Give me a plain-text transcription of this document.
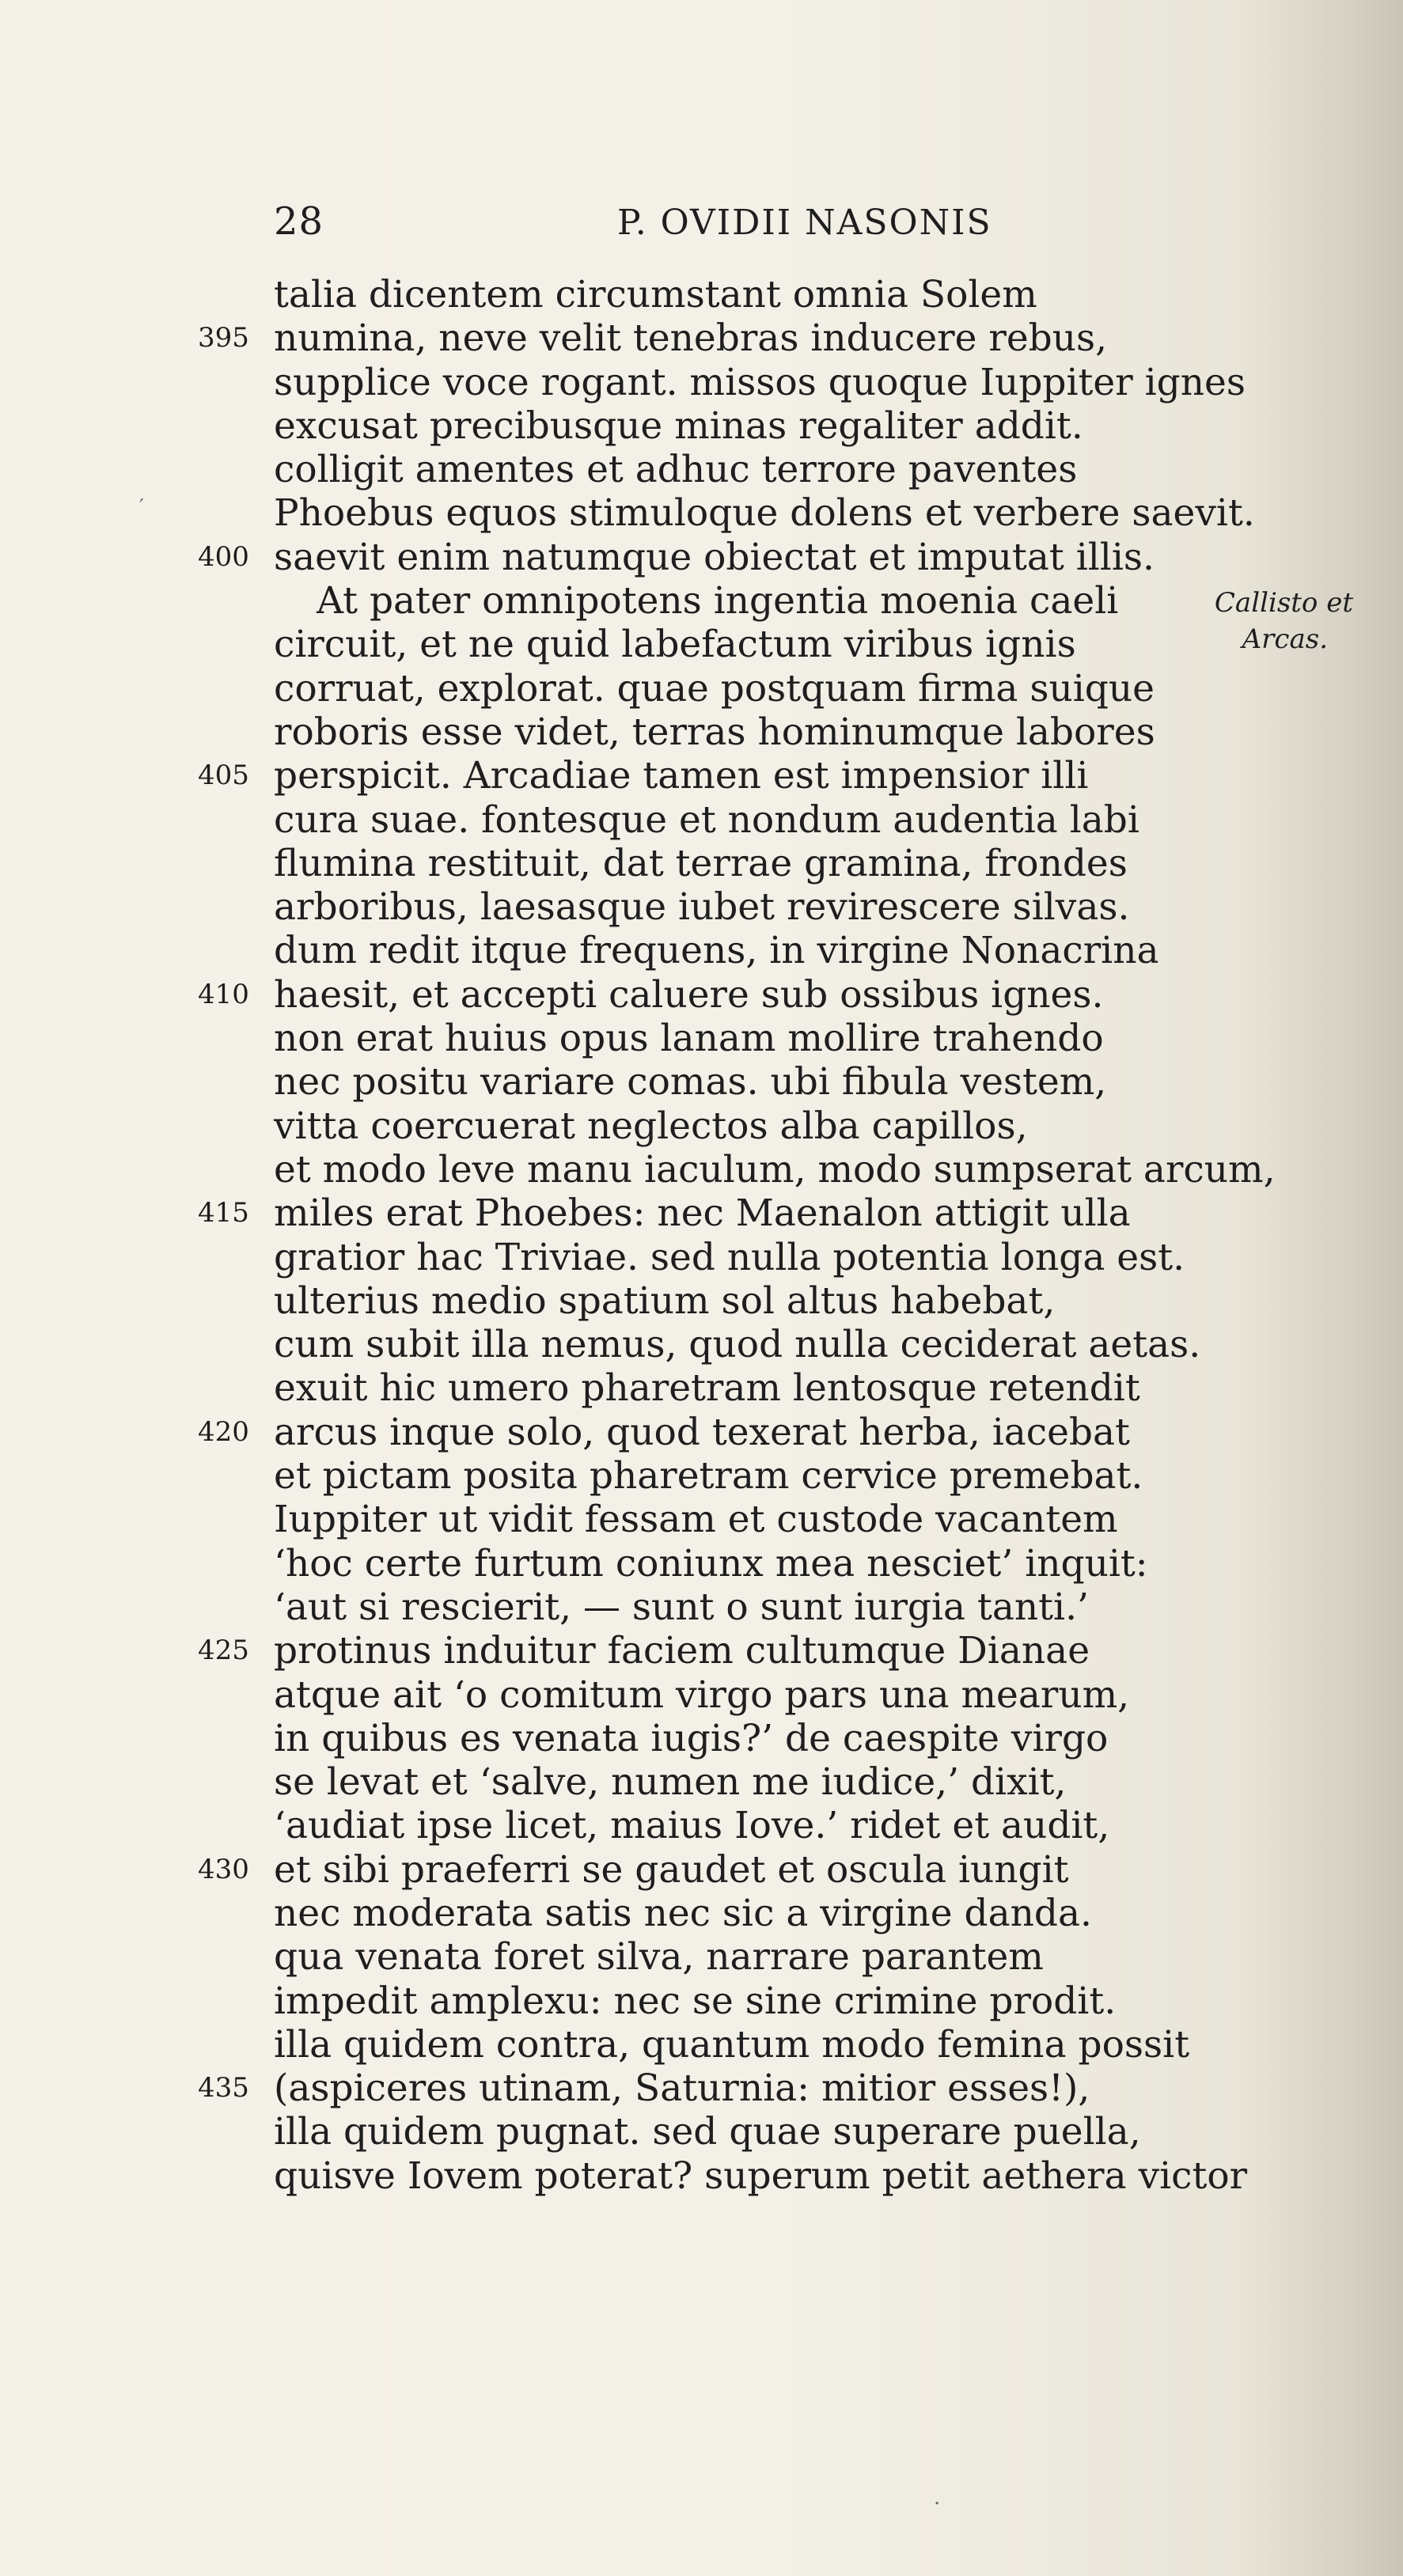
28	P. OVIDII NASONIS
Callisto et
Arcas.
talia dicentem circumstant omnia Solem
395 numina, neve velit tenebras inducere rebus,
supplice voce rogant. missos quoque Iuppiter ignes
excusat precibusque minas regaliter addit.
colligit amentes et adhuc terrore paventes
Phoebus equos stimuloque dolens et verbere saevit.
400 saevit enim natumque obiectat et imputat illis.
At pater omnipotens ingentia moenia caeli
circuit, et ne quid labefactum viribus ignis
corruat, explorat. quae postquam firma suique
roboris esse videt, terras hominumque labores
405 perspicit. Arcadiae tamen est impensior illi
cura suae. fontesque et nondum audentia labi
flumina restituit, dat terrae gramina, frondes
arboribus, laesasque iubet revirescere silvas.
dum redit itque frequens, in virgine Nonacrina
410 haesit, et accepti caluere sub ossibus ignes.
non erat huius opus lanam mollire trahendo
nec positu variare comas. ubi fibula vestem,
vitta coercuerat neglectos alba capillos,
et modo leve manu iaculum, modo sumpserat arcum,
415 miles erat Phoebes: nec Maenalon attigit ulla
gratior hac Triviae. sed nulla potentia longa est.
ulterius medio spatium sol altus habebat,
cum subit illa nemus, quod nulla ceciderat aetas.
exuit hic umero pharetram lentosque retendit
420 arcus inque solo, quod texerat herba, iacebat
et pictam posita pharetram cervice premebat.
Iuppiter ut vidit fessam et custode vacantem
‘hoc certe furtum coniunx mea nesciet’ inquit:
‘aut si rescierit, — sunt o sunt iurgia tanti.’
425 protinus induitur faciem cultumque Dianae
atque ait ‘o comitum virgo pars una mearum,
in quibus es venata iugis?’ de caespite virgo
se levat et ‘salve, numen me iudice,’ dixit,
‘audiat ipse licet, maius Iove.’ ridet et audit,
430 et sibi praeferri se gaudet et oscula iungit
nec moderata satis nec sic a virgine danda.
qua venata foret silva, narrare parantem
impedit amplexu: nec se sine crimine prodit.
illa quidem contra, quantum modo femina possit
435 (aspiceres utinam, Saturnia: mitior esses!),
illa quidem pugnat. sed quae superare puella,
quisve Iovem poterat? superum petit aethera victor
′
·
